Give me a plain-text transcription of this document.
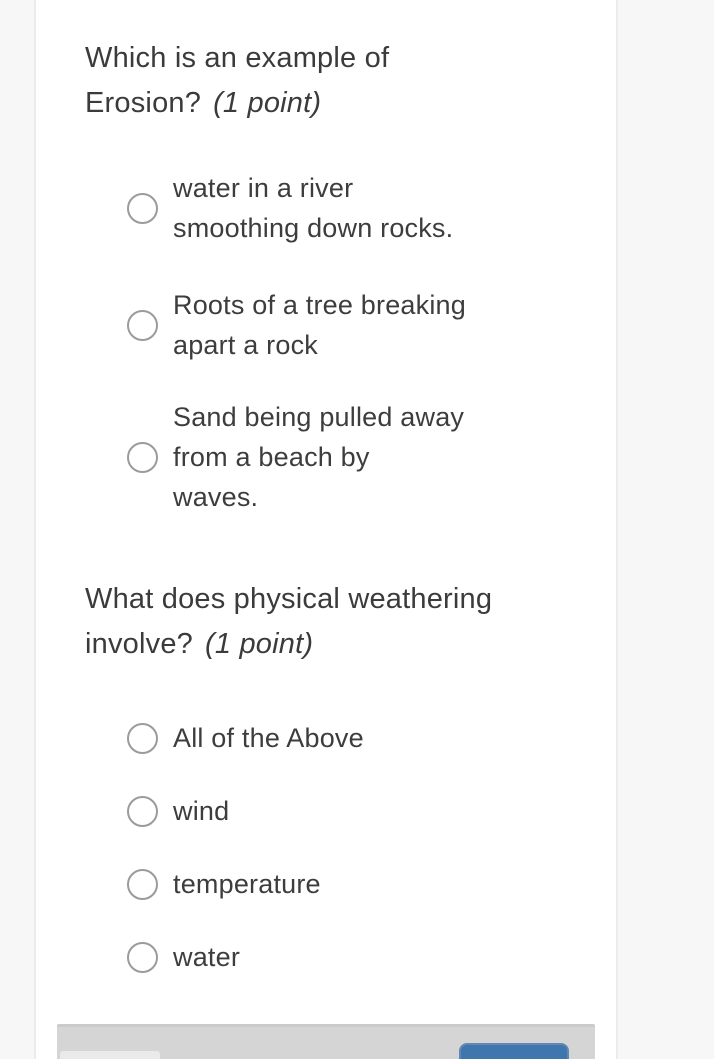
Which is an example of
Erosion? (1 point)
water in a river
smoothing down rocks.
Roots of a tree breaking
apart a rock
Sand being pulled away
from a beach by
waves.
What does physical weathering
involve? (1 point)
All of the Above
wind
temperature
water
